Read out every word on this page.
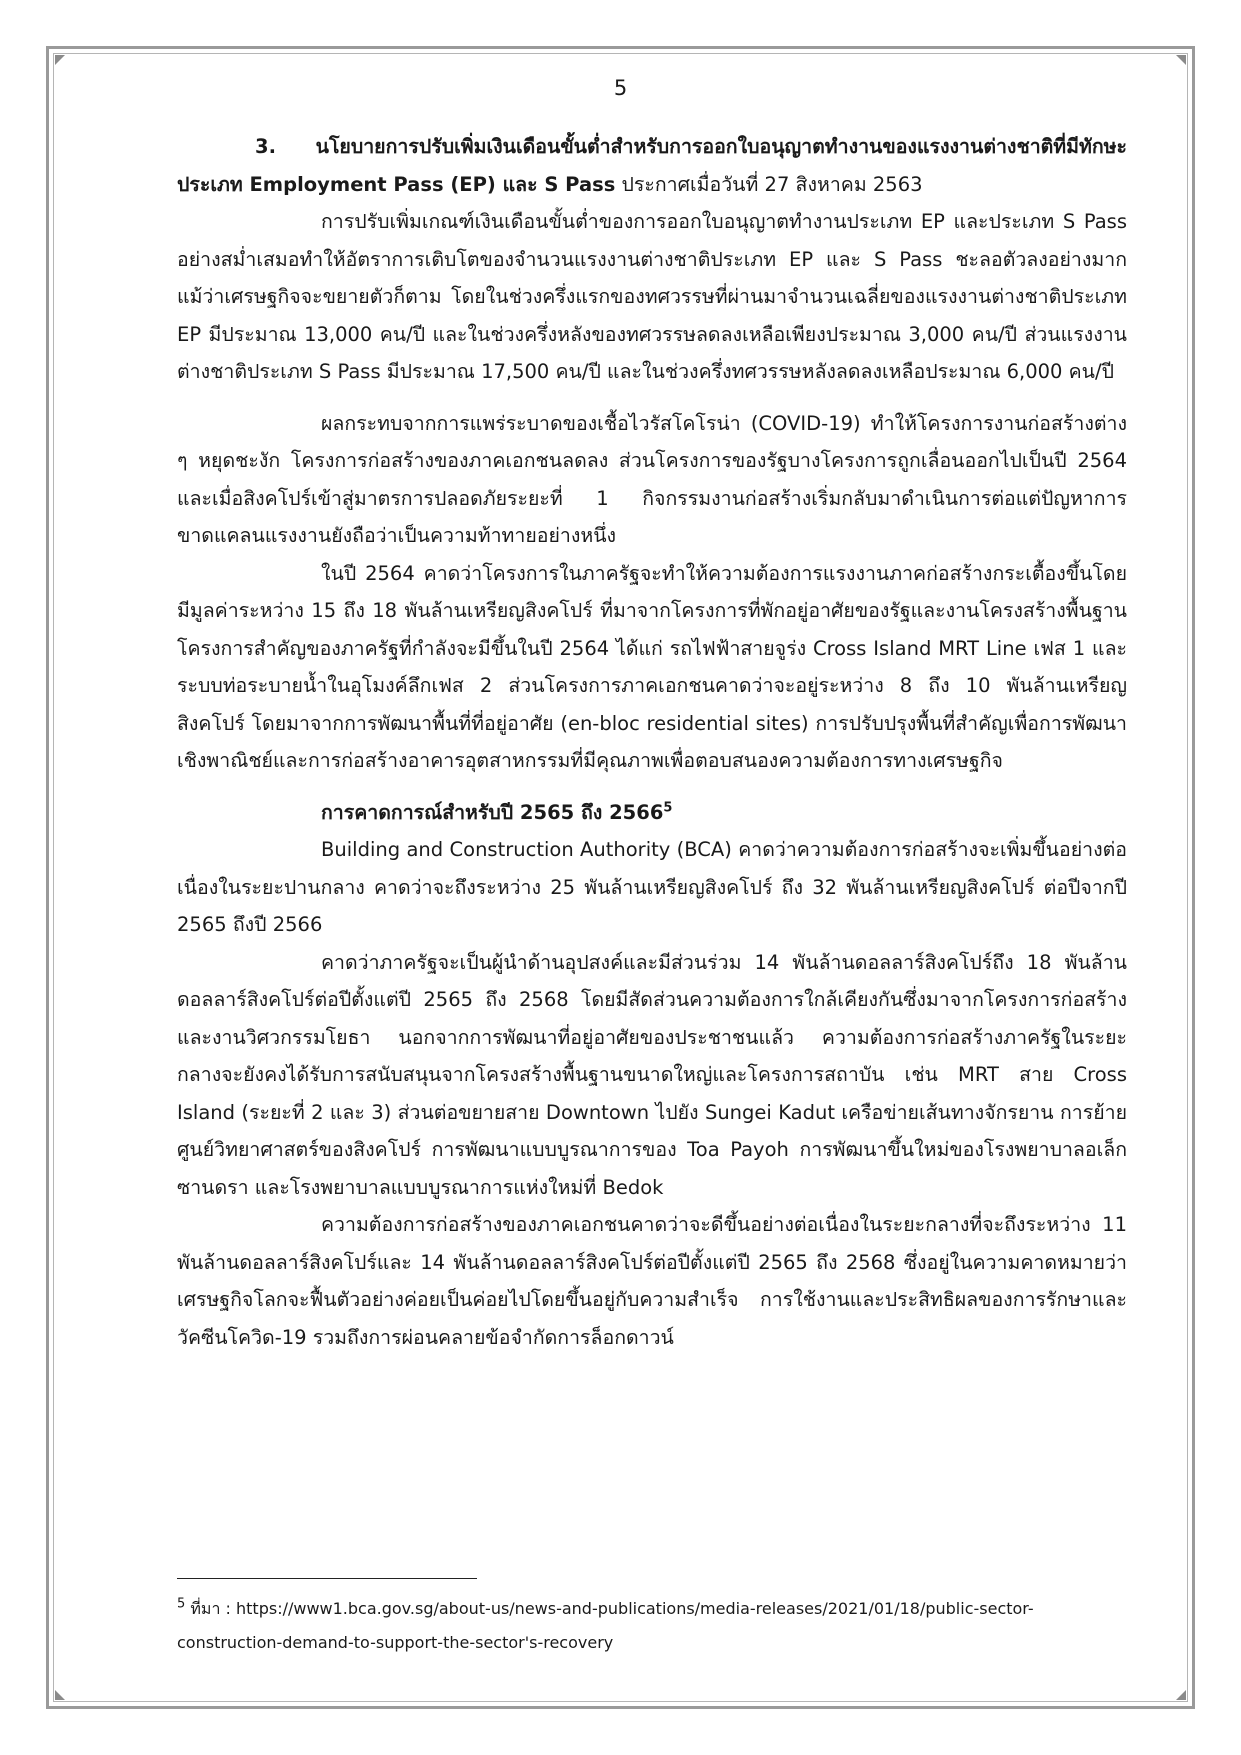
5

3. นโยบายการปรับเพิ่มเงินเดือนขั้นต่ำสำหรับการออกใบอนุญาตทำงานของแรงงานต่างชาติที่มีทักษะประเภท Employment Pass (EP) และ S Pass ประกาศเมื่อวันที่ 27 สิงหาคม 2563

การปรับเพิ่มเกณฑ์เงินเดือนขั้นต่ำของการออกใบอนุญาตทำงานประเภท EP และประเภท S Pass อย่างสม่ำเสมอทำให้อัตราการเติบโตของจำนวนแรงงานต่างชาติประเภท EP และ S Pass ชะลอตัวลงอย่างมาก แม้ว่าเศรษฐกิจจะขยายตัวก็ตาม โดยในช่วงครึ่งแรกของทศวรรษที่ผ่านมาจำนวนเฉลี่ยของแรงงานต่างชาติประเภท EP มีประมาณ 13,000 คน/ปี และในช่วงครึ่งหลังของทศวรรษลดลงเหลือเพียงประมาณ 3,000 คน/ปี ส่วนแรงงานต่างชาติประเภท S Pass มีประมาณ 17,500 คน/ปี และในช่วงครึ่งทศวรรษหลังลดลงเหลือประมาณ 6,000 คน/ปี

ผลกระทบจากการแพร่ระบาดของเชื้อไวรัสโคโรน่า (COVID-19) ทำให้โครงการงานก่อสร้างต่าง ๆ หยุดชะงัก โครงการก่อสร้างของภาคเอกชนลดลง ส่วนโครงการของรัฐบางโครงการถูกเลื่อนออกไปเป็นปี 2564 และเมื่อสิงคโปร์เข้าสู่มาตรการปลอดภัยระยะที่ 1 กิจกรรมงานก่อสร้างเริ่มกลับมาดำเนินการต่อแต่ปัญหาการขาดแคลนแรงงานยังถือว่าเป็นความท้าทายอย่างหนึ่ง

ในปี 2564 คาดว่าโครงการในภาครัฐจะทำให้ความต้องการแรงงานภาคก่อสร้างกระเตื้องขึ้นโดยมีมูลค่าระหว่าง 15 ถึง 18 พันล้านเหรียญสิงคโปร์ ที่มาจากโครงการที่พักอยู่อาศัยของรัฐและงานโครงสร้างพื้นฐาน โครงการสำคัญของภาครัฐที่กำลังจะมีขึ้นในปี 2564 ได้แก่ รถไฟฟ้าสายจูร่ง Cross Island MRT Line เฟส 1 และระบบท่อระบายน้ำในอุโมงค์ลึกเฟส 2 ส่วนโครงการภาคเอกชนคาดว่าจะอยู่ระหว่าง 8 ถึง 10 พันล้านเหรียญสิงคโปร์ โดยมาจากการพัฒนาพื้นที่ที่อยู่อาศัย (en-bloc residential sites) การปรับปรุงพื้นที่สำคัญเพื่อการพัฒนาเชิงพาณิชย์และการก่อสร้างอาคารอุตสาหกรรมที่มีคุณภาพเพื่อตอบสนองความต้องการทางเศรษฐกิจ

การคาดการณ์สำหรับปี 2565 ถึง 2566$^5$

Building and Construction Authority (BCA) คาดว่าความต้องการก่อสร้างจะเพิ่มขึ้นอย่างต่อเนื่องในระยะปานกลาง คาดว่าจะถึงระหว่าง 25 พันล้านเหรียญสิงคโปร์ ถึง 32 พันล้านเหรียญสิงคโปร์ ต่อปีจากปี 2565 ถึงปี 2566

คาดว่าภาครัฐจะเป็นผู้นำด้านอุปสงค์และมีส่วนร่วม 14 พันล้านดอลลาร์สิงคโปร์ถึง 18 พันล้านดอลลาร์สิงคโปร์ต่อปีตั้งแต่ปี 2565 ถึง 2568 โดยมีสัดส่วนความต้องการใกล้เคียงกันซึ่งมาจากโครงการก่อสร้างและงานวิศวกรรมโยธา นอกจากการพัฒนาที่อยู่อาศัยของประชาชนแล้ว ความต้องการก่อสร้างภาครัฐในระยะกลางจะยังคงได้รับการสนับสนุนจากโครงสร้างพื้นฐานขนาดใหญ่และโครงการสถาบัน เช่น MRT สาย Cross Island (ระยะที่ 2 และ 3) ส่วนต่อขยายสาย Downtown ไปยัง Sungei Kadut เครือข่ายเส้นทางจักรยาน การย้ายศูนย์วิทยาศาสตร์ของสิงคโปร์ การพัฒนาแบบบูรณาการของ Toa Payoh การพัฒนาขึ้นใหม่ของโรงพยาบาลอเล็กซานดรา และโรงพยาบาลแบบบูรณาการแห่งใหม่ที่ Bedok

ความต้องการก่อสร้างของภาคเอกชนคาดว่าจะดีขึ้นอย่างต่อเนื่องในระยะกลางที่จะถึงระหว่าง 11 พันล้านดอลลาร์สิงคโปร์และ 14 พันล้านดอลลาร์สิงคโปร์ต่อปีตั้งแต่ปี 2565 ถึง 2568 ซึ่งอยู่ในความคาดหมายว่าเศรษฐกิจโลกจะฟื้นตัวอย่างค่อยเป็นค่อยไปโดยขึ้นอยู่กับความสำเร็จ การใช้งานและประสิทธิผลของการรักษาและวัคซีนโควิด-19 รวมถึงการผ่อนคลายข้อจำกัดการล็อกดาวน์

$^5$ ที่มา : https://www1.bca.gov.sg/about-us/news-and-publications/media-releases/2021/01/18/public-sector-

construction-demand-to-support-the-sector's-recovery
